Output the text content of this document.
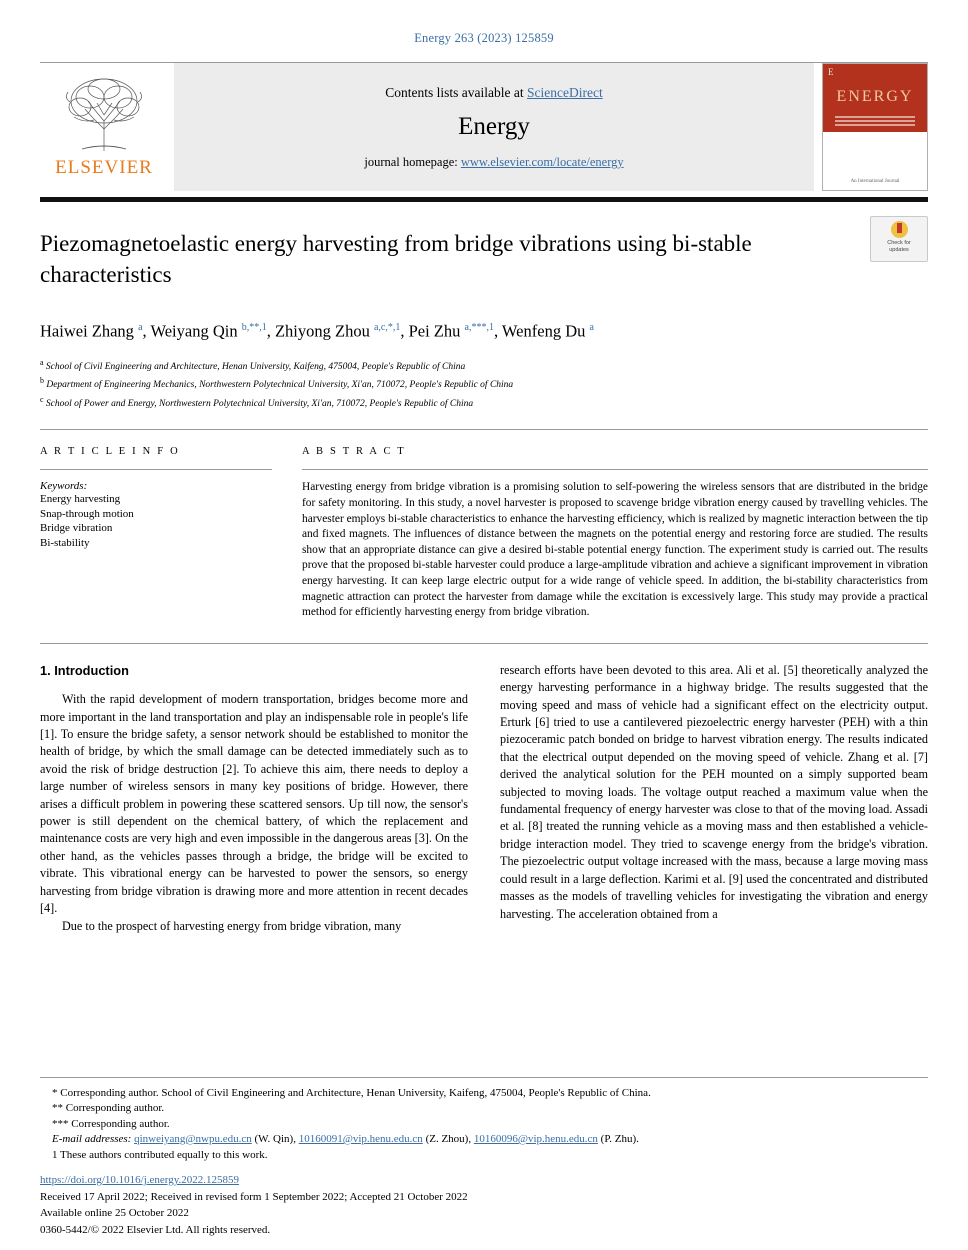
Energy 263 (2023) 125859
ELSEVIER
Contents lists available at ScienceDirect
Energy
journal homepage: www.elsevier.com/locate/energy
E
ENERGY
An International Journal
Check for
updates
Piezomagnetoelastic energy harvesting from bridge vibrations using bi-stable characteristics
Haiwei Zhang $^a$, Weiyang Qin $^{b,**,1}$, Zhiyong Zhou $^{a,c,*,1}$, Pei Zhu $^{a,***,1}$, Wenfeng Du $^a$
$^a$ School of Civil Engineering and Architecture, Henan University, Kaifeng, 475004, People's Republic of China
$^b$ Department of Engineering Mechanics, Northwestern Polytechnical University, Xi'an, 710072, People's Republic of China
$^c$ School of Power and Energy, Northwestern Polytechnical University, Xi'an, 710072, People's Republic of China
A R T I C L E I N F O
Keywords:
Energy harvesting
Snap-through motion
Bridge vibration
Bi-stability
A B S T R A C T
Harvesting energy from bridge vibration is a promising solution to self-powering the wireless sensors that are distributed in the bridge for safety monitoring. In this study, a novel harvester is proposed to scavenge bridge vibration energy caused by travelling vehicles. The harvester employs bi-stable characteristics to enhance the harvesting efficiency, which is realized by magnetic interaction between the tip and fixed magnets. The influences of distance between the magnets on the potential energy and restoring force are studied. The results show that an appropriate distance can give a desired bi-stable potential energy function. The experiment study is carried out. The results prove that the proposed bi-stable harvester could produce a large-amplitude vibration and achieve a significant improvement in vibration energy harvesting. It can keep large electric output for a wide range of vehicle speed. In addition, the bi-stability characteristics from magnetic attraction can protect the harvester from damage while the excitation is excessively large. This study may provide a practical method for efficiently harvesting energy from bridge vibration.
1. Introduction

With the rapid development of modern transportation, bridges become more and more important in the land transportation and play an indispensable role in people's life [1]. To ensure the bridge safety, a sensor network should be established to monitor the health of bridge, by which the small damage can be detected immediately such as to avoid the risk of bridge destruction [2]. To achieve this aim, there needs to deploy a large number of wireless sensors in many key positions of bridge. However, there arises a difficult problem in powering these scattered sensors. Up till now, the sensor's power is still dependent on the chemical battery, of which the replacement and maintenance costs are very high and even impossible in the dangerous areas [3]. On the other hand, as the vehicles passes through a bridge, the bridge will be excited to vibrate. This vibrational energy can be harvested to power the sensors, so energy harvesting from bridge vibration is drawing more and more attention in recent decades [4].

Due to the prospect of harvesting energy from bridge vibration, many

research efforts have been devoted to this area. Ali et al. [5] theoretically analyzed the energy harvesting performance in a highway bridge. The results suggested that the moving speed and mass of vehicle had a significant effect on the electricity output. Erturk [6] tried to use a cantilevered piezoelectric energy harvester (PEH) with a thin piezoceramic patch bonded on bridge to harvest vibration energy. The results indicated that the electrical output depended on the moving speed of vehicle. Zhang et al. [7] derived the analytical solution for the PEH mounted on a simply supported beam subjected to moving loads. The voltage output reached a maximum value when the fundamental frequency of energy harvester was close to that of the moving load. Assadi et al. [8] treated the running vehicle as a moving mass and then established a vehicle-bridge interaction model. They tried to scavenge energy from the bridge's vibration. The piezoelectric output voltage increased with the mass, because a large moving mass could result in a large deflection. Karimi et al. [9] used the concentrated and distributed masses as the models of travelling vehicles for investigating the vibration and energy harvesting. The acceleration obtained from a

* Corresponding author. School of Civil Engineering and Architecture, Henan University, Kaifeng, 475004, People's Republic of China.
** Corresponding author.
*** Corresponding author.
E-mail addresses: qinweiyang@nwpu.edu.cn (W. Qin), 10160091@vip.henu.edu.cn (Z. Zhou), 10160096@vip.henu.edu.cn (P. Zhu).
1 These authors contributed equally to this work.
https://doi.org/10.1016/j.energy.2022.125859
Received 17 April 2022; Received in revised form 1 September 2022; Accepted 21 October 2022
Available online 25 October 2022
0360-5442/© 2022 Elsevier Ltd. All rights reserved.
